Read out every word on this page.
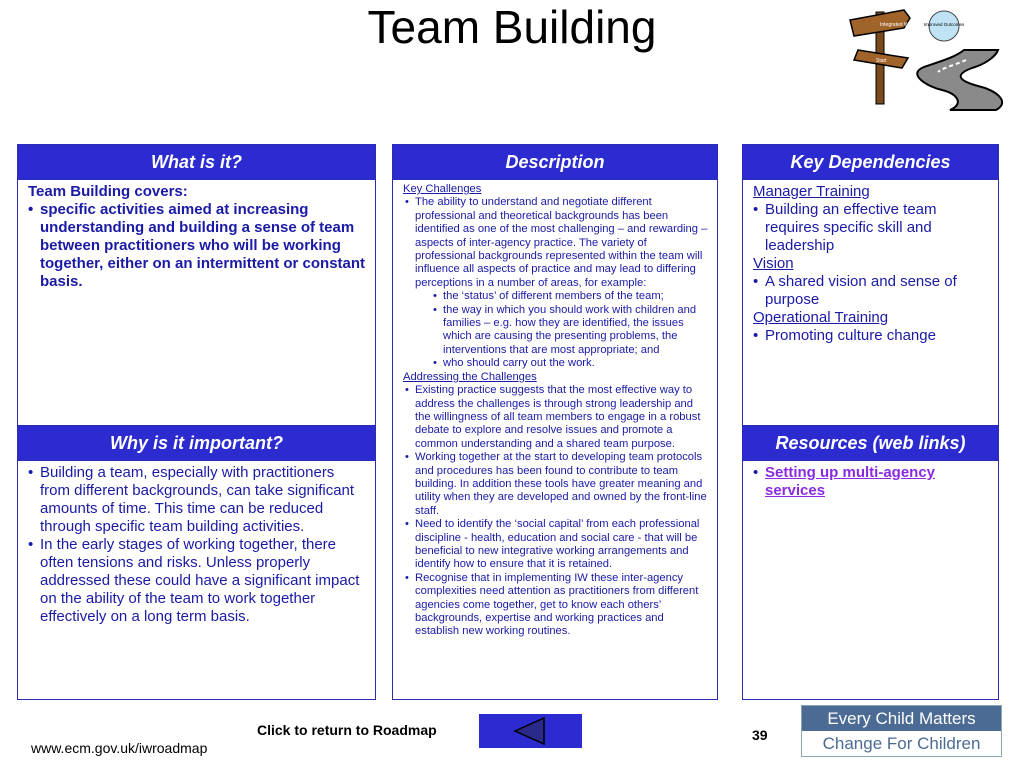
Team Building	Integrated Working Improved Outcomes
Start
What is it?
Team Building covers:
• specific activities aimed at increasing understanding and building a sense of team between practitioners who will be working together, either on an intermittent or constant basis.
Why is it important?
• Building a team, especially with practitioners from different backgrounds, can take significant amounts of time. This time can be reduced through specific team building activities.
• In the early stages of working together, there often tensions and risks. Unless properly addressed these could have a significant impact on the ability of the team to work together effectively on a long term basis.
Description
Key Challenges
• The ability to understand and negotiate different professional and theoretical backgrounds has been identified as one of the most challenging – and rewarding – aspects of inter-agency practice. The variety of professional backgrounds represented within the team will influence all aspects of practice and may lead to differing perceptions in a number of areas, for example:
• the ‘status’ of different members of the team;
• the way in which you should work with children and families – e.g. how they are identified, the issues which are causing the presenting problems, the interventions that are most appropriate; and
• who should carry out the work.
Addressing the Challenges
• Existing practice suggests that the most effective way to address the challenges is through strong leadership and the willingness of all team members to engage in a robust debate to explore and resolve issues and promote a common understanding and a shared team purpose.
• Working together at the start to developing team protocols and procedures has been found to contribute to team building. In addition these tools have greater meaning and utility when they are developed and owned by the front-line staff.
• Need to identify the ‘social capital’ from each professional discipline - health, education and social care - that will be beneficial to new integrative working arrangements and identify how to ensure that it is retained.
• Recognise that in implementing IW these inter-agency complexities need attention as practitioners from different agencies come together, get to know each others’ backgrounds, expertise and working practices and establish new working routines.
Key Dependencies
Manager Training
• Building an effective team requires specific skill and leadership
Vision
• A shared vision and sense of purpose
Operational Training
• Promoting culture change
Resources (web links)
• Setting up multi-agency services
Click to return to Roadmap	39
www.ecm.gov.uk/iwroadmap
Every Child Matters
Change For Children
